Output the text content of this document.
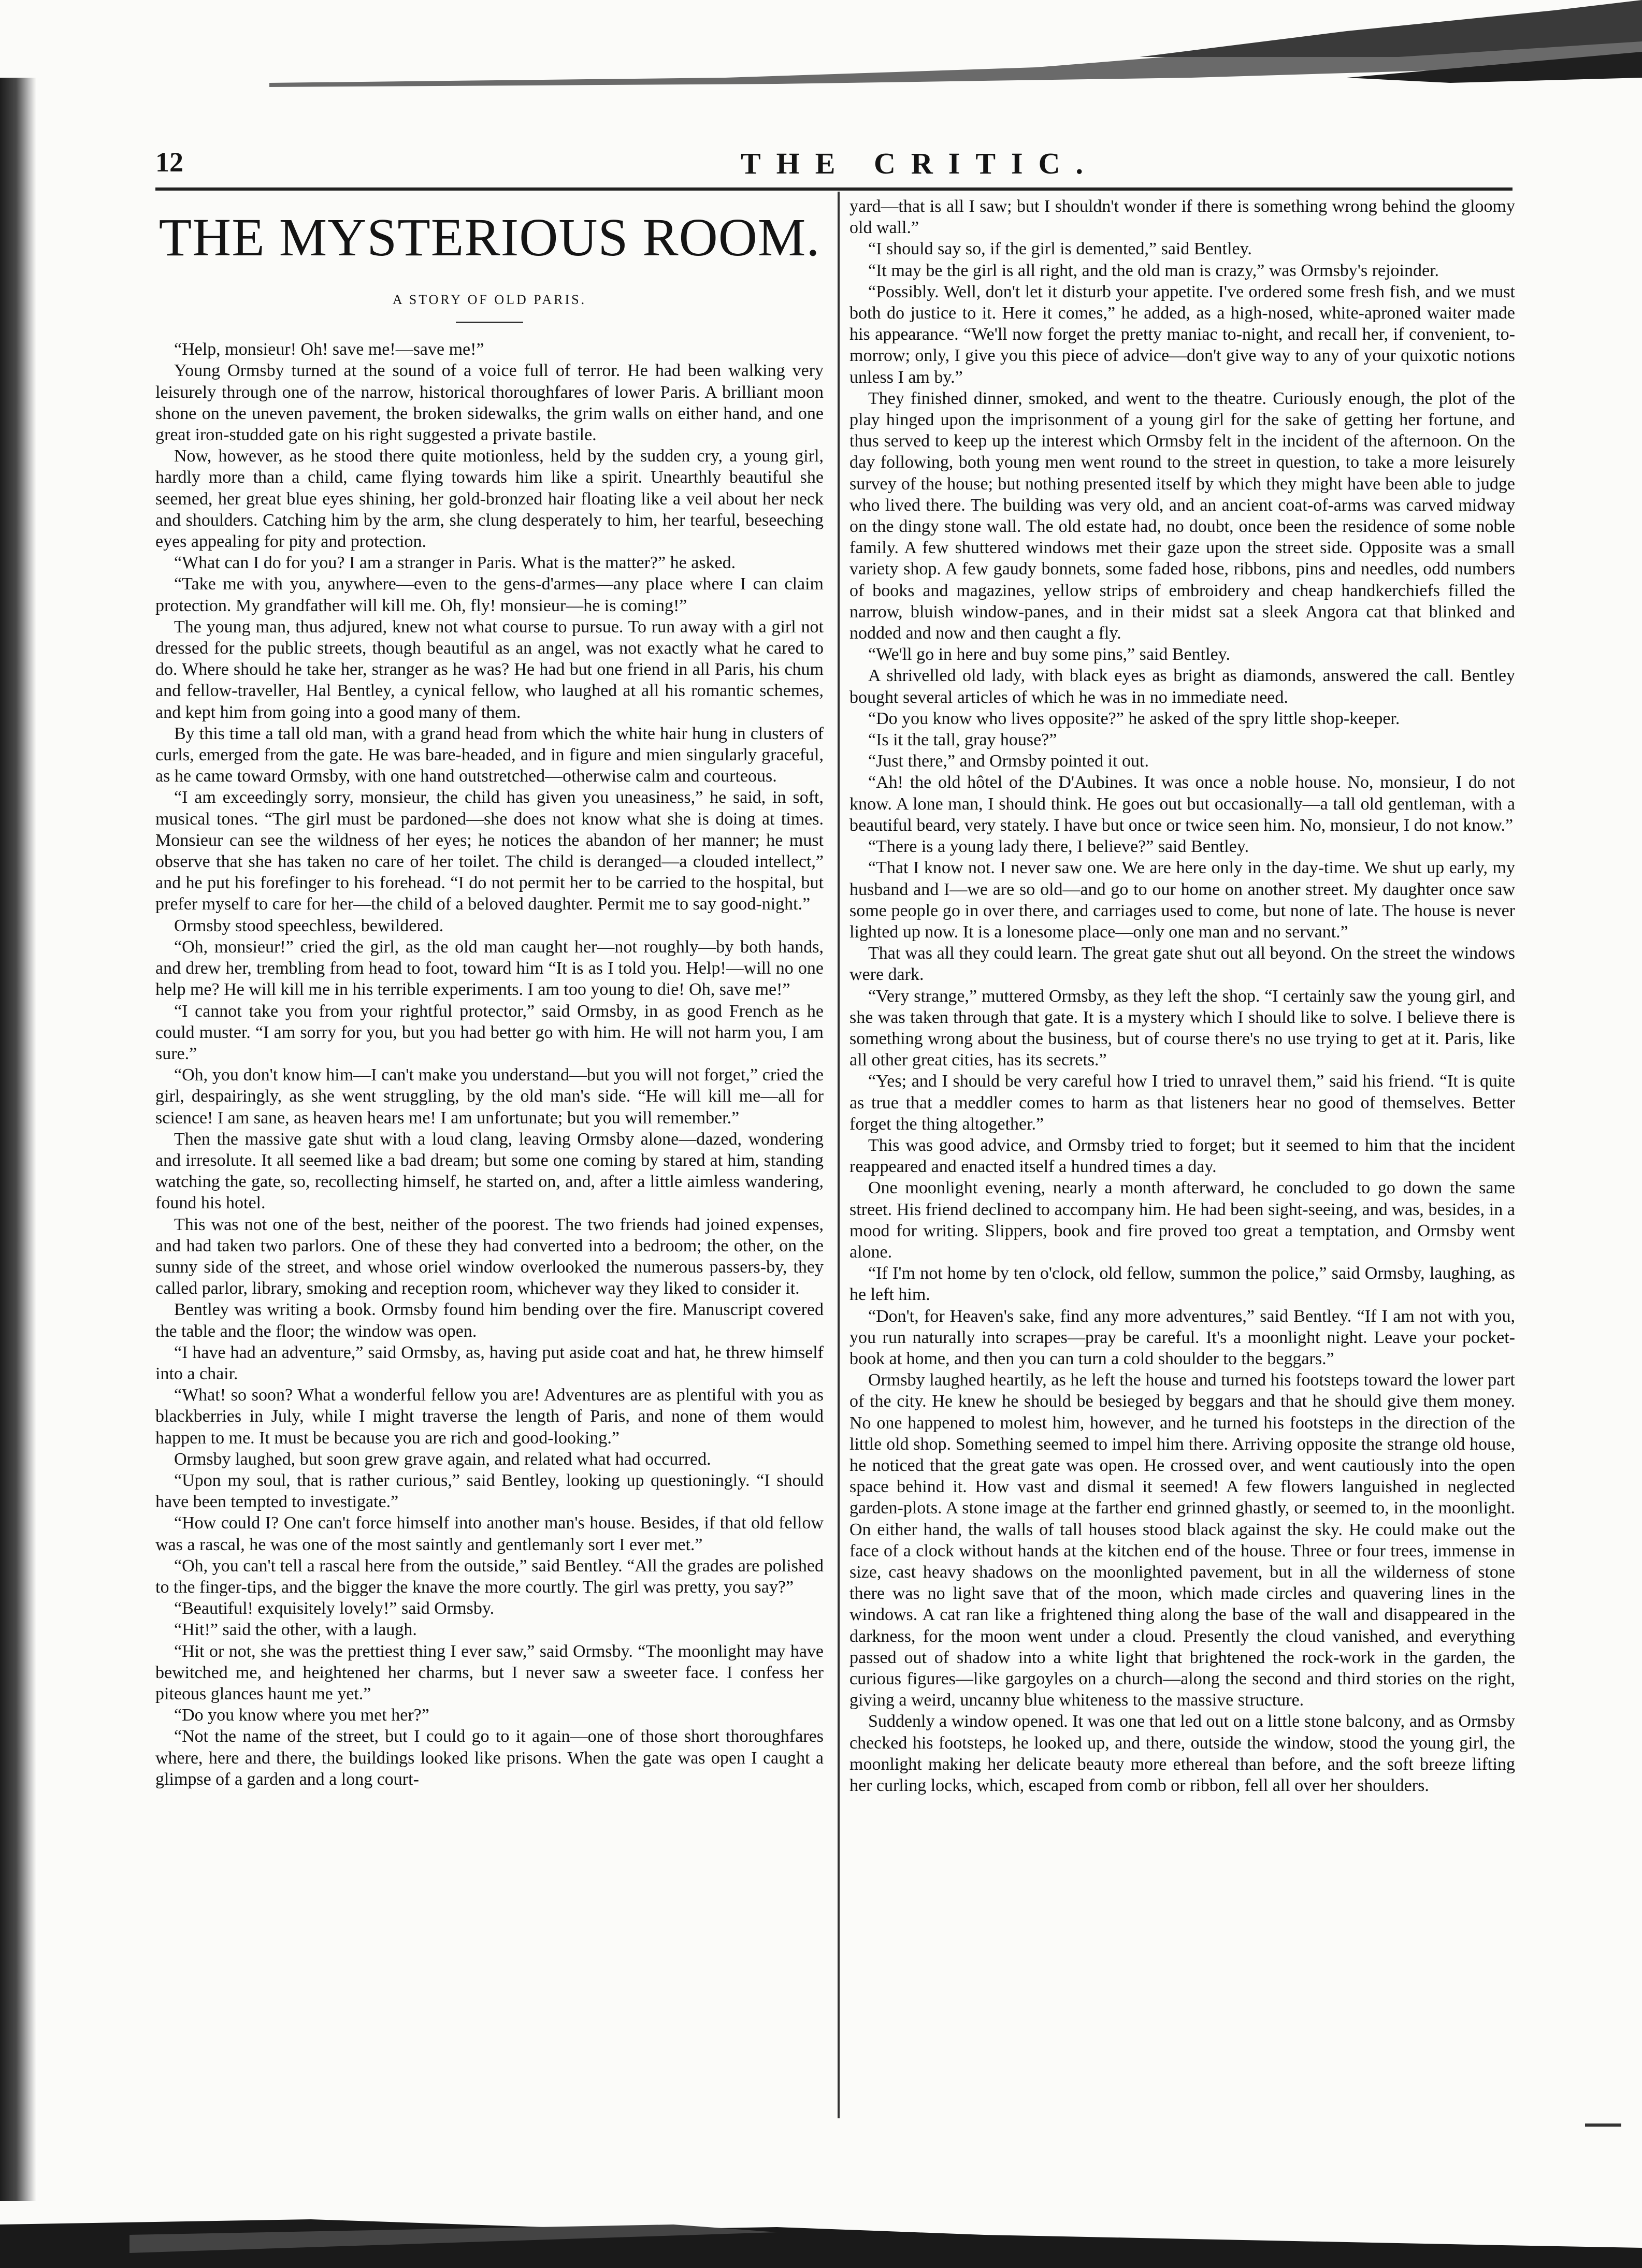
12	THE CRITIC.
THE MYSTERIOUS ROOM.
A STORY OF OLD PARIS.

“Help, monsieur! Oh! save me!—save me!”

Young Ormsby turned at the sound of a voice full of terror. He had been walking very leisurely through one of the narrow, historical thoroughfares of lower Paris. A brilliant moon shone on the uneven pavement, the broken sidewalks, the grim walls on either hand, and one great iron-studded gate on his right suggested a private bastile.

Now, however, as he stood there quite motionless, held by the sudden cry, a young girl, hardly more than a child, came flying towards him like a spirit. Unearthly beautiful she seemed, her great blue eyes shining, her gold-bronzed hair floating like a veil about her neck and shoulders. Catching him by the arm, she clung desperately to him, her tearful, beseeching eyes appealing for pity and protection.

“What can I do for you? I am a stranger in Paris. What is the matter?” he asked.

“Take me with you, anywhere—even to the gens-d'armes—any place where I can claim protection. My grandfather will kill me. Oh, fly! monsieur—he is coming!”

The young man, thus adjured, knew not what course to pursue. To run away with a girl not dressed for the public streets, though beautiful as an angel, was not exactly what he cared to do. Where should he take her, stranger as he was? He had but one friend in all Paris, his chum and fellow-traveller, Hal Bentley, a cynical fellow, who laughed at all his romantic schemes, and kept him from going into a good many of them.

By this time a tall old man, with a grand head from which the white hair hung in clusters of curls, emerged from the gate. He was bare-headed, and in figure and mien singularly graceful, as he came toward Ormsby, with one hand outstretched—otherwise calm and courteous.

“I am exceedingly sorry, monsieur, the child has given you uneasiness,” he said, in soft, musical tones. “The girl must be pardoned—she does not know what she is doing at times. Monsieur can see the wildness of her eyes; he notices the abandon of her manner; he must observe that she has taken no care of her toilet. The child is deranged—a clouded intellect,” and he put his forefinger to his forehead. “I do not permit her to be carried to the hospital, but prefer myself to care for her—the child of a beloved daughter. Permit me to say good-night.”

Ormsby stood speechless, bewildered.

“Oh, monsieur!” cried the girl, as the old man caught her—not roughly—by both hands, and drew her, trembling from head to foot, toward him “It is as I told you. Help!—will no one help me? He will kill me in his terrible experiments. I am too young to die! Oh, save me!”

“I cannot take you from your rightful protector,” said Ormsby, in as good French as he could muster. “I am sorry for you, but you had better go with him. He will not harm you, I am sure.”

“Oh, you don't know him—I can't make you understand—but you will not forget,” cried the girl, despairingly, as she went struggling, by the old man's side. “He will kill me—all for science! I am sane, as heaven hears me! I am unfortunate; but you will remember.”

Then the massive gate shut with a loud clang, leaving Ormsby alone—dazed, wondering and irresolute. It all seemed like a bad dream; but some one coming by stared at him, standing watching the gate, so, recollecting himself, he started on, and, after a little aimless wandering, found his hotel.

This was not one of the best, neither of the poorest. The two friends had joined expenses, and had taken two parlors. One of these they had converted into a bedroom; the other, on the sunny side of the street, and whose oriel window overlooked the numerous passers-by, they called parlor, library, smoking and reception room, whichever way they liked to consider it.

Bentley was writing a book. Ormsby found him bending over the fire. Manuscript covered the table and the floor; the window was open.

“I have had an adventure,” said Ormsby, as, having put aside coat and hat, he threw himself into a chair.

“What! so soon? What a wonderful fellow you are! Adventures are as plentiful with you as blackberries in July, while I might traverse the length of Paris, and none of them would happen to me. It must be because you are rich and good-looking.”

Ormsby laughed, but soon grew grave again, and related what had occurred.

“Upon my soul, that is rather curious,” said Bentley, looking up questioningly. “I should have been tempted to investigate.”

“How could I? One can't force himself into another man's house. Besides, if that old fellow was a rascal, he was one of the most saintly and gentlemanly sort I ever met.”

“Oh, you can't tell a rascal here from the outside,” said Bentley. “All the grades are polished to the finger-tips, and the bigger the knave the more courtly. The girl was pretty, you say?”

“Beautiful! exquisitely lovely!” said Ormsby.

“Hit!” said the other, with a laugh.

“Hit or not, she was the prettiest thing I ever saw,” said Ormsby. “The moonlight may have bewitched me, and heightened her charms, but I never saw a sweeter face. I confess her piteous glances haunt me yet.”

“Do you know where you met her?”

“Not the name of the street, but I could go to it again—one of those short thoroughfares where, here and there, the buildings looked like prisons. When the gate was open I caught a glimpse of a garden and a long court-

yard—that is all I saw; but I shouldn't wonder if there is something wrong behind the gloomy old wall.”

“I should say so, if the girl is demented,” said Bentley.

“It may be the girl is all right, and the old man is crazy,” was Ormsby's rejoinder.

“Possibly. Well, don't let it disturb your appetite. I've ordered some fresh fish, and we must both do justice to it. Here it comes,” he added, as a high-nosed, white-aproned waiter made his appearance. “We'll now forget the pretty maniac to-night, and recall her, if convenient, to-morrow; only, I give you this piece of advice—don't give way to any of your quixotic notions unless I am by.”

They finished dinner, smoked, and went to the theatre. Curiously enough, the plot of the play hinged upon the imprisonment of a young girl for the sake of getting her fortune, and thus served to keep up the interest which Ormsby felt in the incident of the afternoon. On the day following, both young men went round to the street in question, to take a more leisurely survey of the house; but nothing presented itself by which they might have been able to judge who lived there. The building was very old, and an ancient coat-of-arms was carved midway on the dingy stone wall. The old estate had, no doubt, once been the residence of some noble family. A few shuttered windows met their gaze upon the street side. Opposite was a small variety shop. A few gaudy bonnets, some faded hose, ribbons, pins and needles, odd numbers of books and magazines, yellow strips of embroidery and cheap handkerchiefs filled the narrow, bluish window-panes, and in their midst sat a sleek Angora cat that blinked and nodded and now and then caught a fly.

“We'll go in here and buy some pins,” said Bentley.

A shrivelled old lady, with black eyes as bright as diamonds, answered the call. Bentley bought several articles of which he was in no immediate need.

“Do you know who lives opposite?” he asked of the spry little shop-keeper.

“Is it the tall, gray house?”

“Just there,” and Ormsby pointed it out.

“Ah! the old hôtel of the D'Aubines. It was once a noble house. No, monsieur, I do not know. A lone man, I should think. He goes out but occasionally—a tall old gentleman, with a beautiful beard, very stately. I have but once or twice seen him. No, monsieur, I do not know.”

“There is a young lady there, I believe?” said Bentley.

“That I know not. I never saw one. We are here only in the day-time. We shut up early, my husband and I—we are so old—and go to our home on another street. My daughter once saw some people go in over there, and carriages used to come, but none of late. The house is never lighted up now. It is a lonesome place—only one man and no servant.”

That was all they could learn. The great gate shut out all beyond. On the street the windows were dark.

“Very strange,” muttered Ormsby, as they left the shop. “I certainly saw the young girl, and she was taken through that gate. It is a mystery which I should like to solve. I believe there is something wrong about the business, but of course there's no use trying to get at it. Paris, like all other great cities, has its secrets.”

“Yes; and I should be very careful how I tried to unravel them,” said his friend. “It is quite as true that a meddler comes to harm as that listeners hear no good of themselves. Better forget the thing altogether.”

This was good advice, and Ormsby tried to forget; but it seemed to him that the incident reappeared and enacted itself a hundred times a day.

One moonlight evening, nearly a month afterward, he concluded to go down the same street. His friend declined to accompany him. He had been sight-seeing, and was, besides, in a mood for writing. Slippers, book and fire proved too great a temptation, and Ormsby went alone.

“If I'm not home by ten o'clock, old fellow, summon the police,” said Ormsby, laughing, as he left him.

“Don't, for Heaven's sake, find any more adventures,” said Bentley. “If I am not with you, you run naturally into scrapes—pray be careful. It's a moonlight night. Leave your pocket-book at home, and then you can turn a cold shoulder to the beggars.”

Ormsby laughed heartily, as he left the house and turned his footsteps toward the lower part of the city. He knew he should be besieged by beggars and that he should give them money. No one happened to molest him, however, and he turned his footsteps in the direction of the little old shop. Something seemed to impel him there. Arriving opposite the strange old house, he noticed that the great gate was open. He crossed over, and went cautiously into the open space behind it. How vast and dismal it seemed! A few flowers languished in neglected garden-plots. A stone image at the farther end grinned ghastly, or seemed to, in the moonlight. On either hand, the walls of tall houses stood black against the sky. He could make out the face of a clock without hands at the kitchen end of the house. Three or four trees, immense in size, cast heavy shadows on the moonlighted pavement, but in all the wilderness of stone there was no light save that of the moon, which made circles and quavering lines in the windows. A cat ran like a frightened thing along the base of the wall and disappeared in the darkness, for the moon went under a cloud. Presently the cloud vanished, and everything passed out of shadow into a white light that brightened the rock-work in the garden, the curious figures—like gargoyles on a church—along the second and third stories on the right, giving a weird, uncanny blue whiteness to the massive structure.

Suddenly a window opened. It was one that led out on a little stone balcony, and as Ormsby checked his footsteps, he looked up, and there, outside the window, stood the young girl, the moonlight making her delicate beauty more ethereal than before, and the soft breeze lifting her curling locks, which, escaped from comb or ribbon, fell all over her shoulders.
